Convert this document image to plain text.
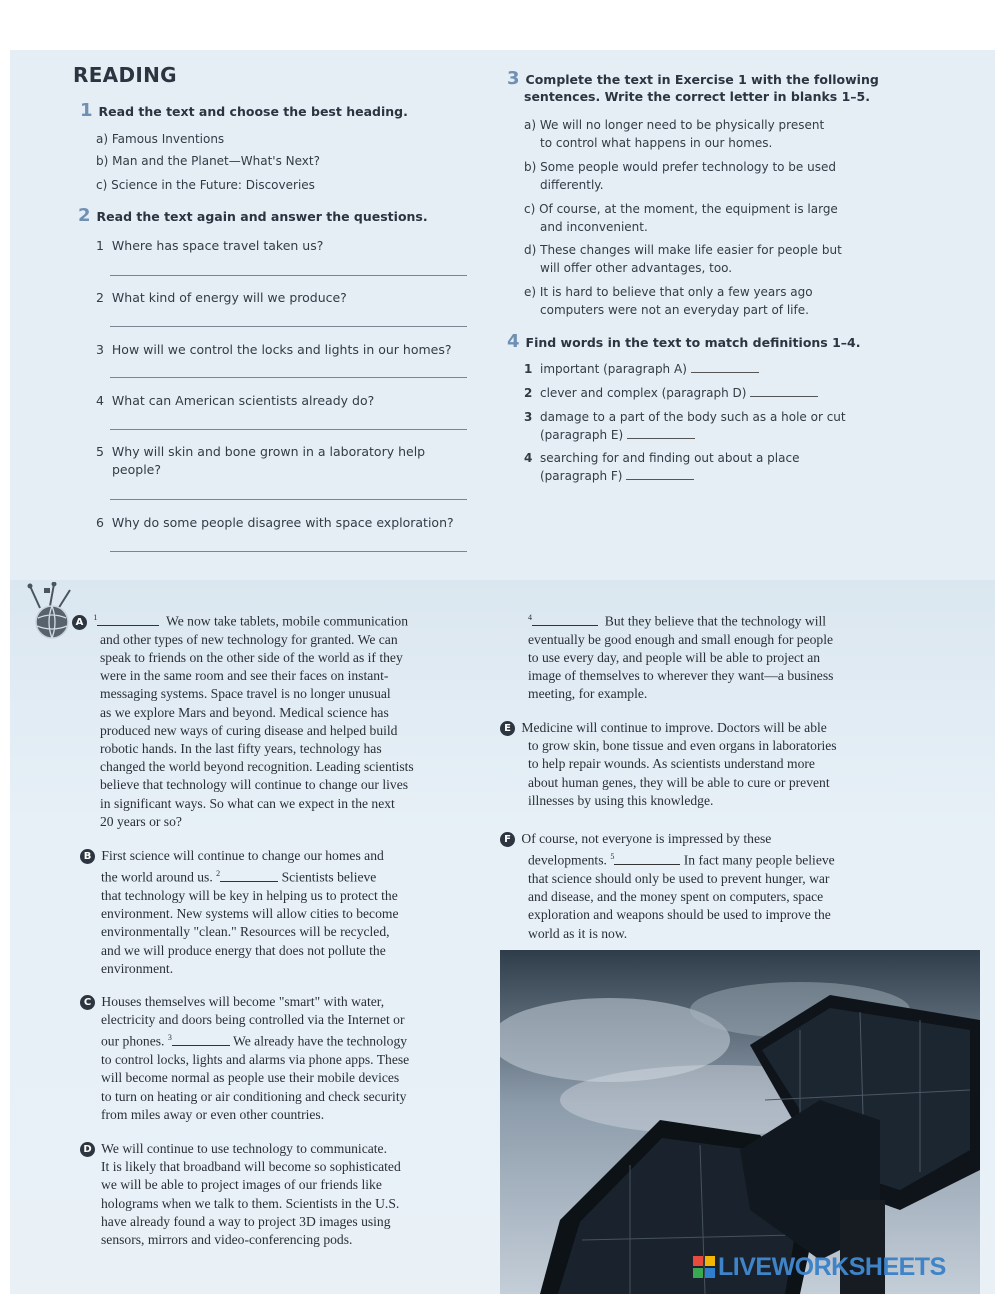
READING
1 Read the text and choose the best heading.
a) Famous Inventions
b) Man and the Planet—What's Next?
c) Science in the Future: Discoveries
2 Read the text again and answer the questions.
1 Where has space travel taken us?
2 What kind of energy will we produce?
3 How will we control the locks and lights in our homes?
4 What can American scientists already do?
5 Why will skin and bone grown in a laboratory help
people?
6 Why do some people disagree with space exploration?
3 Complete the text in Exercise 1 with the following
sentences. Write the correct letter in blanks 1–5.
a) We will no longer need to be physically present
to control what happens in our homes.
b) Some people would prefer technology to be used
differently.
c) Of course, at the moment, the equipment is large
and inconvenient.
d) These changes will make life easier for people but
will offer other advantages, too.
e) It is hard to believe that only a few years ago
computers were not an everyday part of life.
4 Find words in the text to match definitions 1–4.
1 important (paragraph A)
2 clever and complex (paragraph D)
3 damage to a part of the body such as a hole or cut
(paragraph E)
4 searching for and finding out about a place
(paragraph F)
A $^1$	We now take tablets, mobile communication
and other types of new technology for granted. We can
speak to friends on the other side of the world as if they
were in the same room and see their faces on instant-
messaging systems. Space travel is no longer unusual
as we explore Mars and beyond. Medical science has
produced new ways of curing disease and helped build
robotic hands. In the last fifty years, technology has
changed the world beyond recognition. Leading scientists
believe that technology will continue to change our lives
in significant ways. So what can we expect in the next
20 years or so?
B First science will continue to change our homes and
the world around us. $^2$	Scientists believe
that technology will be key in helping us to protect the
environment. New systems will allow cities to become
environmentally "clean." Resources will be recycled,
and we will produce energy that does not pollute the
environment.
C Houses themselves will become "smart" with water,
electricity and doors being controlled via the Internet or
our phones. $^3$	We already have the technology
to control locks, lights and alarms via phone apps. These
will become normal as people use their mobile devices
to turn on heating or air conditioning and check security
from miles away or even other countries.
D We will continue to use technology to communicate.
It is likely that broadband will become so sophisticated
we will be able to project images of our friends like
holograms when we talk to them. Scientists in the U.S.
have already found a way to project 3D images using
sensors, mirrors and video-conferencing pods.
$^4$	But they believe that the technology will
eventually be good enough and small enough for people
to use every day, and people will be able to project an
image of themselves to wherever they want—a business
meeting, for example.
E Medicine will continue to improve. Doctors will be able
to grow skin, bone tissue and even organs in laboratories
to help repair wounds. As scientists understand more
about human genes, they will be able to cure or prevent
illnesses by using this knowledge.
F Of course, not everyone is impressed by these
developments. $^5$	In fact many people believe
that science should only be used to prevent hunger, war
and disease, and the money spent on computers, space
exploration and weapons should be used to improve the
world as it is now.
LIVEWORKSHEETS
